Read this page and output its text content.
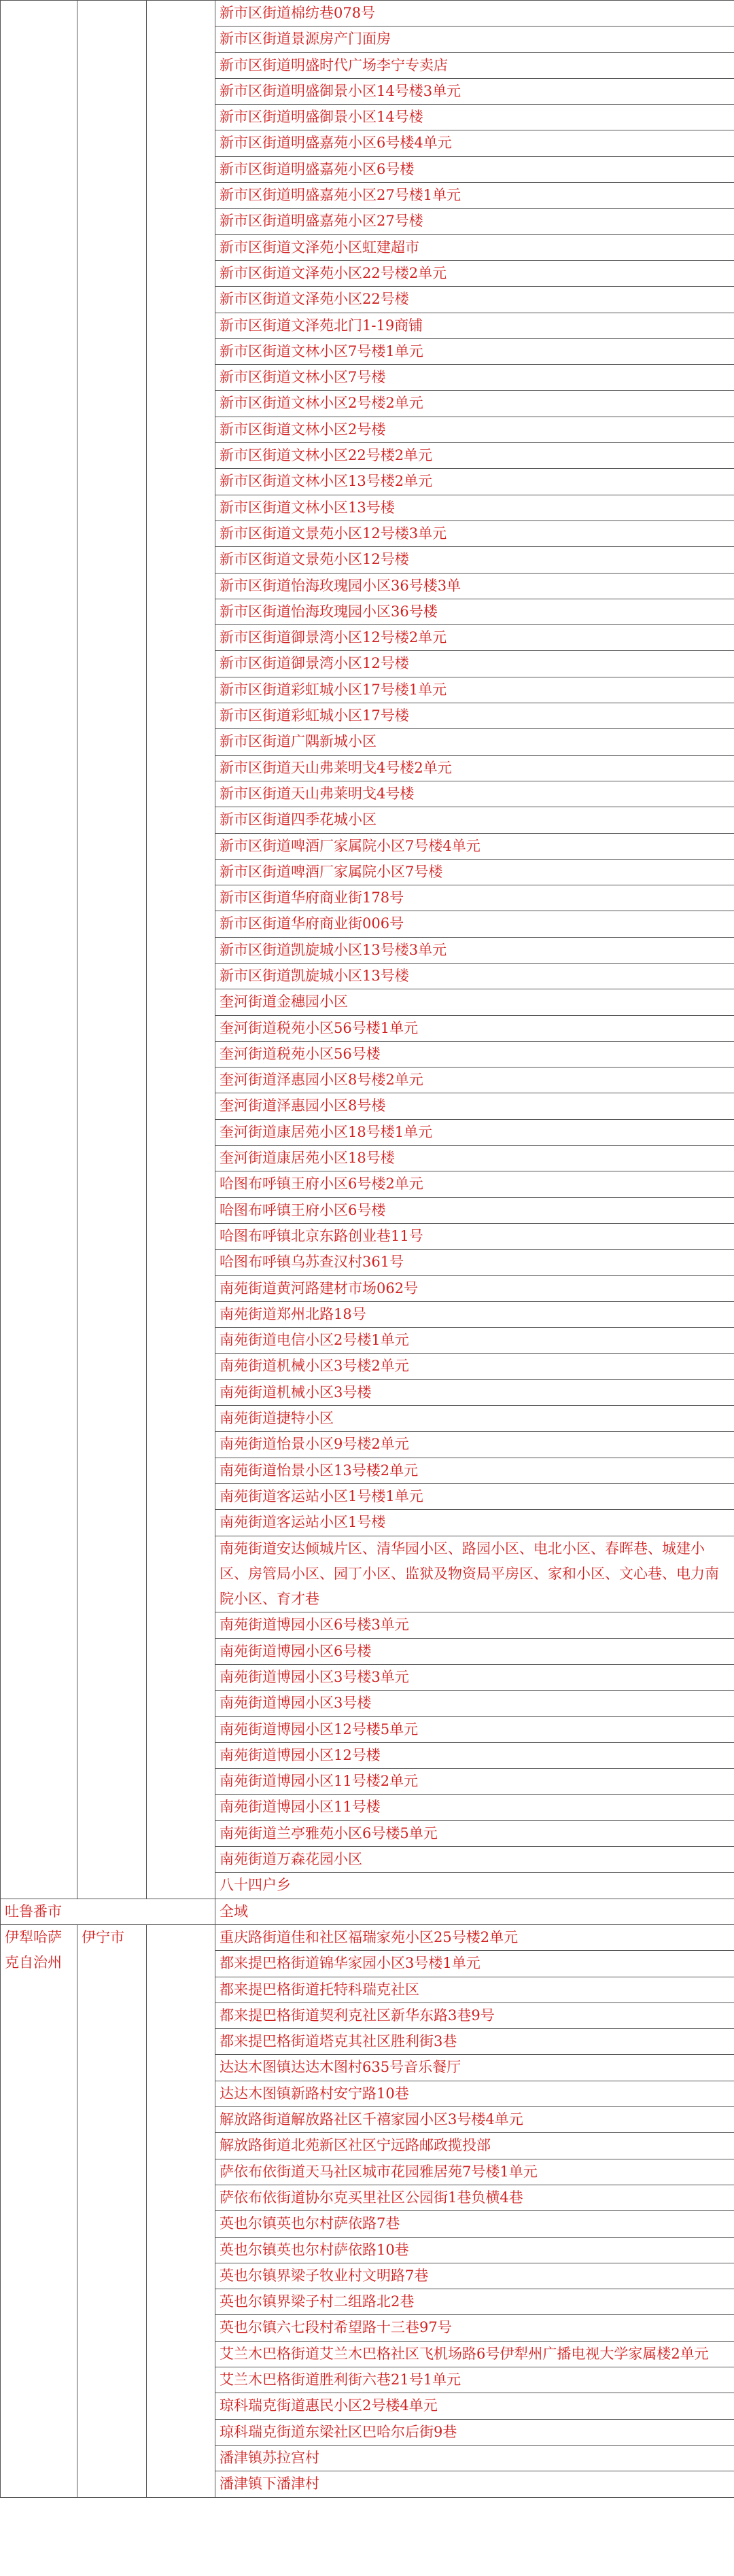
			新市区街道棉纺巷078号
			新市区街道景源房产门面房
			新市区街道明盛时代广场李宁专卖店
			新市区街道明盛御景小区14号楼3单元
			新市区街道明盛御景小区14号楼
			新市区街道明盛嘉苑小区6号楼4单元
			新市区街道明盛嘉苑小区6号楼
			新市区街道明盛嘉苑小区27号楼1单元
			新市区街道明盛嘉苑小区27号楼
			新市区街道文泽苑小区虹建超市
			新市区街道文泽苑小区22号楼2单元
			新市区街道文泽苑小区22号楼
			新市区街道文泽苑北门1-19商铺
			新市区街道文林小区7号楼1单元
			新市区街道文林小区7号楼
			新市区街道文林小区2号楼2单元
			新市区街道文林小区2号楼
			新市区街道文林小区22号楼2单元
			新市区街道文林小区13号楼2单元
			新市区街道文林小区13号楼
			新市区街道文景苑小区12号楼3单元
			新市区街道文景苑小区12号楼
			新市区街道怡海玫瑰园小区36号楼3单
			新市区街道怡海玫瑰园小区36号楼
			新市区街道御景湾小区12号楼2单元
			新市区街道御景湾小区12号楼
			新市区街道彩虹城小区17号楼1单元
			新市区街道彩虹城小区17号楼
			新市区街道广隅新城小区
			新市区街道天山弗莱明戈4号楼2单元
			新市区街道天山弗莱明戈4号楼
			新市区街道四季花城小区
			新市区街道啤酒厂家属院小区7号楼4单元
			新市区街道啤酒厂家属院小区7号楼
			新市区街道华府商业街178号
			新市区街道华府商业街006号
			新市区街道凯旋城小区13号楼3单元
			新市区街道凯旋城小区13号楼
			奎河街道金穗园小区
			奎河街道税苑小区56号楼1单元
			奎河街道税苑小区56号楼
			奎河街道泽惠园小区8号楼2单元
			奎河街道泽惠园小区8号楼
			奎河街道康居苑小区18号楼1单元
			奎河街道康居苑小区18号楼
			哈图布呼镇王府小区6号楼2单元
			哈图布呼镇王府小区6号楼
			哈图布呼镇北京东路创业巷11号
			哈图布呼镇乌苏查汉村361号
			南苑街道黄河路建材市场062号
			南苑街道郑州北路18号
			南苑街道电信小区2号楼1单元
			南苑街道机械小区3号楼2单元
			南苑街道机械小区3号楼
			南苑街道捷特小区
			南苑街道怡景小区9号楼2单元
			南苑街道怡景小区13号楼2单元
			南苑街道客运站小区1号楼1单元
			南苑街道客运站小区1号楼
			南苑街道安达倾城片区、清华园小区、路园小区、电北小区、春晖巷、城建小区、房管局小区、园丁小区、监狱及物资局平房区、家和小区、文心巷、电力南院小区、育才巷
			南苑街道博园小区6号楼3单元
			南苑街道博园小区6号楼
			南苑街道博园小区3号楼3单元
			南苑街道博园小区3号楼
			南苑街道博园小区12号楼5单元
			南苑街道博园小区12号楼
			南苑街道博园小区11号楼2单元
			南苑街道博园小区11号楼
			南苑街道兰亭雅苑小区6号楼5单元
			南苑街道万森花园小区
			八十四户乡
吐鲁番市			全域
伊犁哈萨克自治州	伊宁市		重庆路街道佳和社区福瑞家苑小区25号楼2单元
			都来提巴格街道锦华家园小区3号楼1单元
			都来提巴格街道托特科瑞克社区
			都来提巴格街道契利克社区新华东路3巷9号
			都来提巴格街道塔克其社区胜利街3巷
			达达木图镇达达木图村635号音乐餐厅
			达达木图镇新路村安宁路10巷
			解放路街道解放路社区千禧家园小区3号楼4单元
			解放路街道北苑新区社区宁远路邮政揽投部
			萨依布依街道天马社区城市花园雅居苑7号楼1单元
			萨依布依街道协尔克买里社区公园街1巷负横4巷
			英也尔镇英也尔村萨依路7巷
			英也尔镇英也尔村萨依路10巷
			英也尔镇界梁子牧业村文明路7巷
			英也尔镇界梁子村二组路北2巷
			英也尔镇六七段村希望路十三巷97号
			艾兰木巴格街道艾兰木巴格社区飞机场路6号伊犁州广播电视大学家属楼2单元
			艾兰木巴格街道胜利街六巷21号1单元
			琼科瑞克街道惠民小区2号楼4单元
			琼科瑞克街道东梁社区巴哈尔后街9巷
			潘津镇苏拉宫村
			潘津镇下潘津村
